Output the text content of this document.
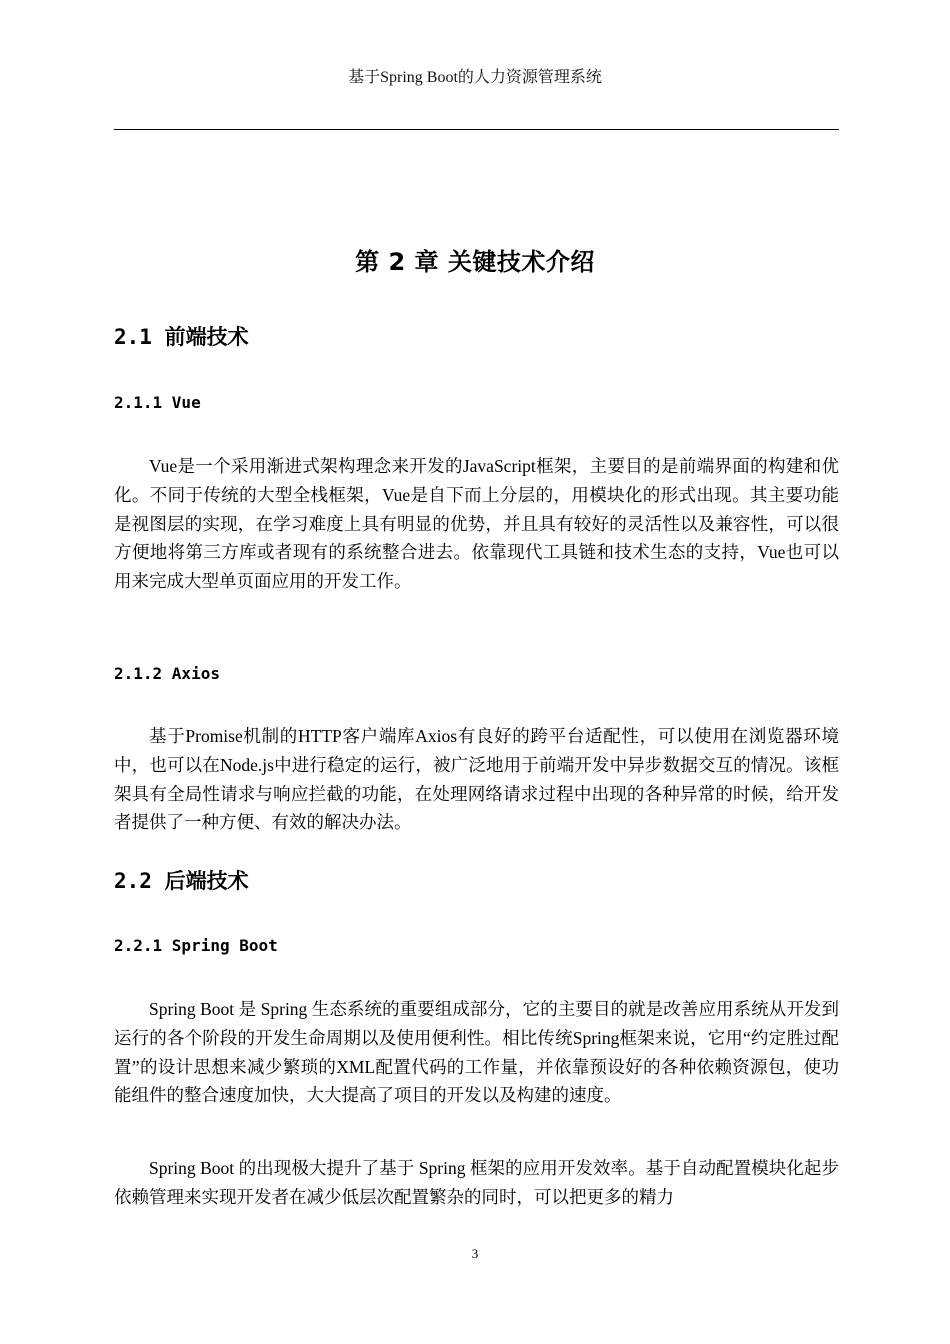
基于Spring Boot的人力资源管理系统
第 2 章 关键技术介绍
2.1 前端技术
2.1.1 Vue

Vue是一个采用渐进式架构理念来开发的JavaScript框架，主要目的是前端界面的构建和优化。不同于传统的大型全栈框架，Vue是自下而上分层的，用模块化的形式出现。其主要功能是视图层的实现，在学习难度上具有明显的优势，并且具有较好的灵活性以及兼容性，可以很方便地将第三方库或者现有的系统整合进去。依靠现代工具链和技术生态的支持，Vue也可以用来完成大型单页面应用的开发工作。

2.1.2 Axios

基于Promise机制的HTTP客户端库Axios有良好的跨平台适配性，可以使用在浏览器环境中，也可以在Node.js中进行稳定的运行，被广泛地用于前端开发中异步数据交互的情况。该框架具有全局性请求与响应拦截的功能，在处理网络请求过程中出现的各种异常的时候，给开发者提供了一种方便、有效的解决办法。

2.2 后端技术
2.2.1 Spring Boot

Spring Boot 是 Spring 生态系统的重要组成部分，它的主要目的就是改善应用系统从开发到运行的各个阶段的开发生命周期以及使用便利性。相比传统Spring框架来说，它用“约定胜过配置”的设计思想来减少繁琐的XML配置代码的工作量，并依靠预设好的各种依赖资源包，使功能组件的整合速度加快，大大提高了项目的开发以及构建的速度。

Spring Boot 的出现极大提升了基于 Spring 框架的应用开发效率。基于自动配置模块化起步依赖管理来实现开发者在减少低层次配置繁杂的同时，可以把更多的精力

3
